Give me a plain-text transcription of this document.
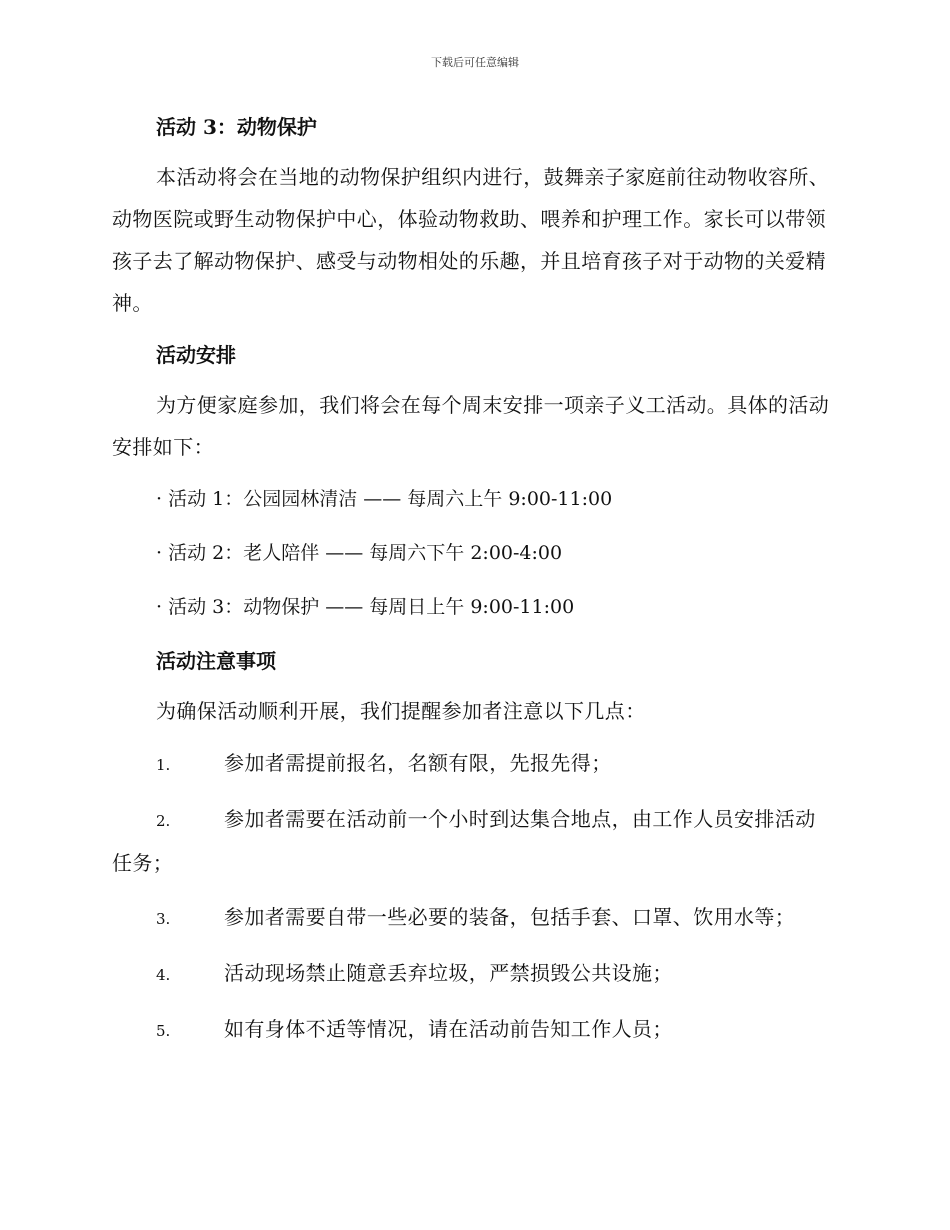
下载后可任意编辑
活动 3：动物保护
本活动将会在当地的动物保护组织内进行，鼓舞亲子家庭前往动物收容所、动物医院或野生动物保护中心，体验动物救助、喂养和护理工作。家长可以带领孩子去了解动物保护、感受与动物相处的乐趣，并且培育孩子对于动物的关爱精神。
活动安排
为方便家庭参加，我们将会在每个周末安排一项亲子义工活动。具体的活动安排如下：
· 活动 1：公园园林清洁 —— 每周六上午 9:00-11:00
· 活动 2：老人陪伴 —— 每周六下午 2:00-4:00
· 活动 3：动物保护 —— 每周日上午 9:00-11:00
活动注意事项
为确保活动顺利开展，我们提醒参加者注意以下几点：
1.	参加者需提前报名，名额有限，先报先得；
2.	参加者需要在活动前一个小时到达集合地点，由工作人员安排活动任务；
3.	参加者需要自带一些必要的装备，包括手套、口罩、饮用水等；
4.	活动现场禁止随意丢弃垃圾，严禁损毁公共设施；
5.	如有身体不适等情况，请在活动前告知工作人员；
